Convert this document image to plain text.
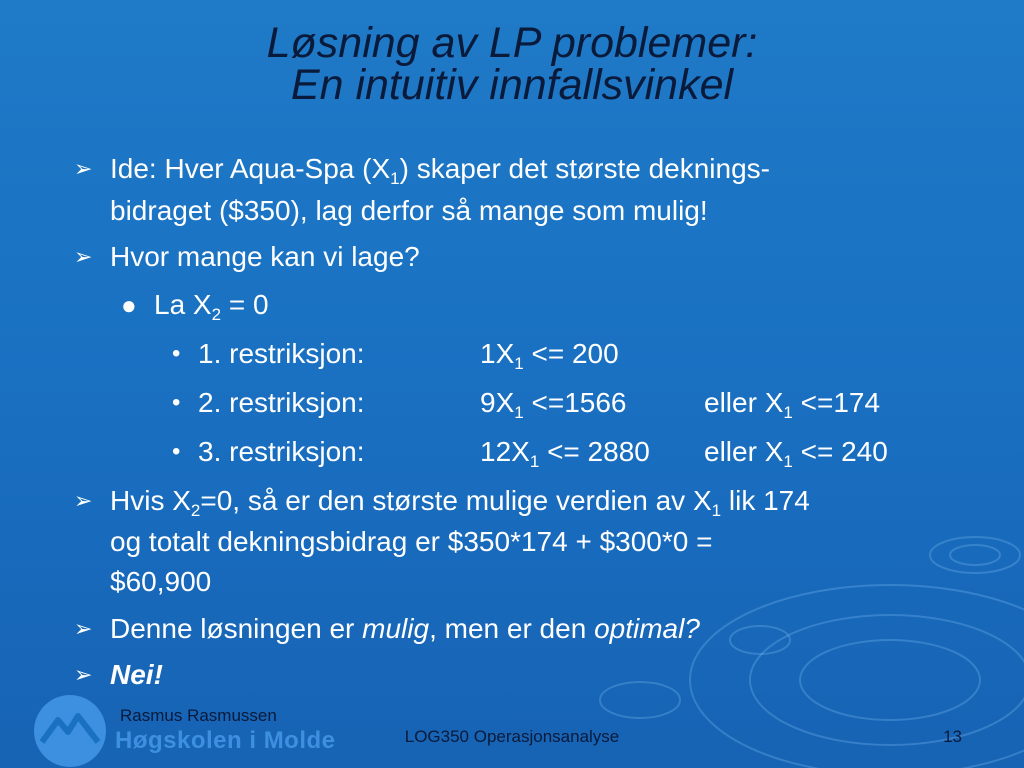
Løsning av LP problemer:
En intuitiv innfallsvinkel
➢ Ide: Hver Aqua-Spa $(X_1)$ skaper det største deknings-
bidraget ($350), lag derfor så mange som mulig!
➢ Hvor mange kan vi lage?
● La $X_2 = 0$
• 1. restriksjon:	$1X_1 <= 200$
• 2. restriksjon:	$9X_1 <=1566$	eller $X_1 <=174$
• 3. restriksjon:	$12X_1 <= 2880$ eller $X_1 <= 240$
➢ Hvis $X_2=0$, så er den største mulige verdien av $X_1$ lik 174
og totalt dekningsbidrag er $350*174 + $300*0 =
$60,900
➢ Denne løsningen er mulig, men er den optimal?
➢ Nei!
Rasmus Rasmussen
Høgskolen i Molde	LOG350 Operasjonsanalyse	13
